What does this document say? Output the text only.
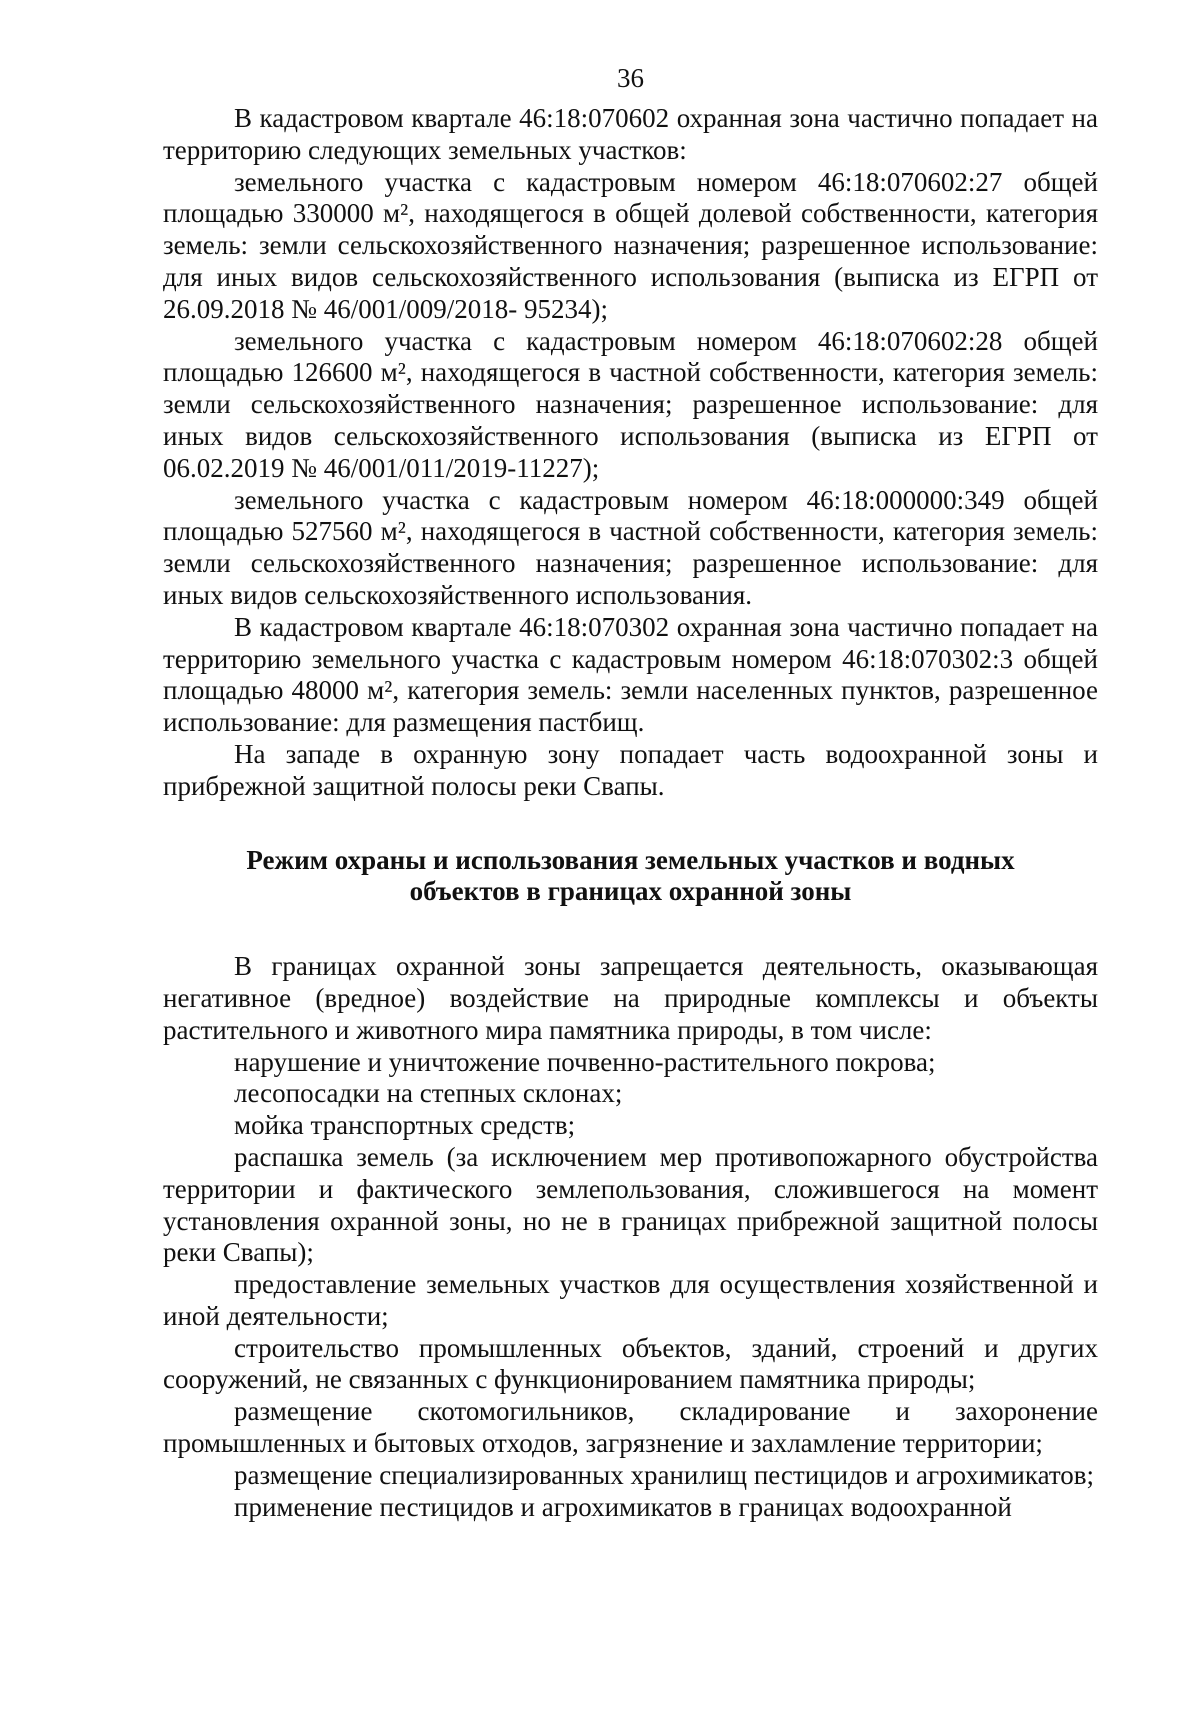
36

В кадастровом квартале 46:18:070602 охранная зона частично попадает на территорию следующих земельных участков:

земельного участка с кадастровым номером 46:18:070602:27 общей площадью 330000 м², находящегося в общей долевой собственности, категория земель: земли сельскохозяйственного назначения; разрешенное использование: для иных видов сельскохозяйственного использования (выписка из ЕГРП от 26.09.2018 № 46/001/009/2018- 95234);

земельного участка с кадастровым номером 46:18:070602:28 общей площадью 126600 м², находящегося в частной собственности, категория земель: земли сельскохозяйственного назначения; разрешенное использование: для иных видов сельскохозяйственного использования (выписка из ЕГРП от 06.02.2019 № 46/001/011/2019-11227);

земельного участка с кадастровым номером 46:18:000000:349 общей площадью 527560 м², находящегося в частной собственности, категория земель: земли сельскохозяйственного назначения; разрешенное использование: для иных видов сельскохозяйственного использования.

В кадастровом квартале 46:18:070302 охранная зона частично попадает на территорию земельного участка с кадастровым номером 46:18:070302:3 общей площадью 48000 м², категория земель: земли населенных пунктов, разрешенное использование: для размещения пастбищ.

На западе в охранную зону попадает часть водоохранной зоны и прибрежной защитной полосы реки Свапы.

Режим охраны и использования земельных участков и водных
объектов в границах охранной зоны

В границах охранной зоны запрещается деятельность, оказывающая негативное (вредное) воздействие на природные комплексы и объекты растительного и животного мира памятника природы, в том числе:

нарушение и уничтожение почвенно-растительного покрова;

лесопосадки на степных склонах;

мойка транспортных средств;

распашка земель (за исключением мер противопожарного обустройства территории и фактического землепользования, сложившегося на момент установления охранной зоны, но не в границах прибрежной защитной полосы реки Свапы);

предоставление земельных участков для осуществления хозяйственной и иной деятельности;

строительство промышленных объектов, зданий, строений и других сооружений, не связанных с функционированием памятника природы;

размещение скотомогильников, складирование и захоронение промышленных и бытовых отходов, загрязнение и захламление территории;

размещение специализированных хранилищ пестицидов и агрохимикатов;

применение пестицидов и агрохимикатов в границах водоохранной
